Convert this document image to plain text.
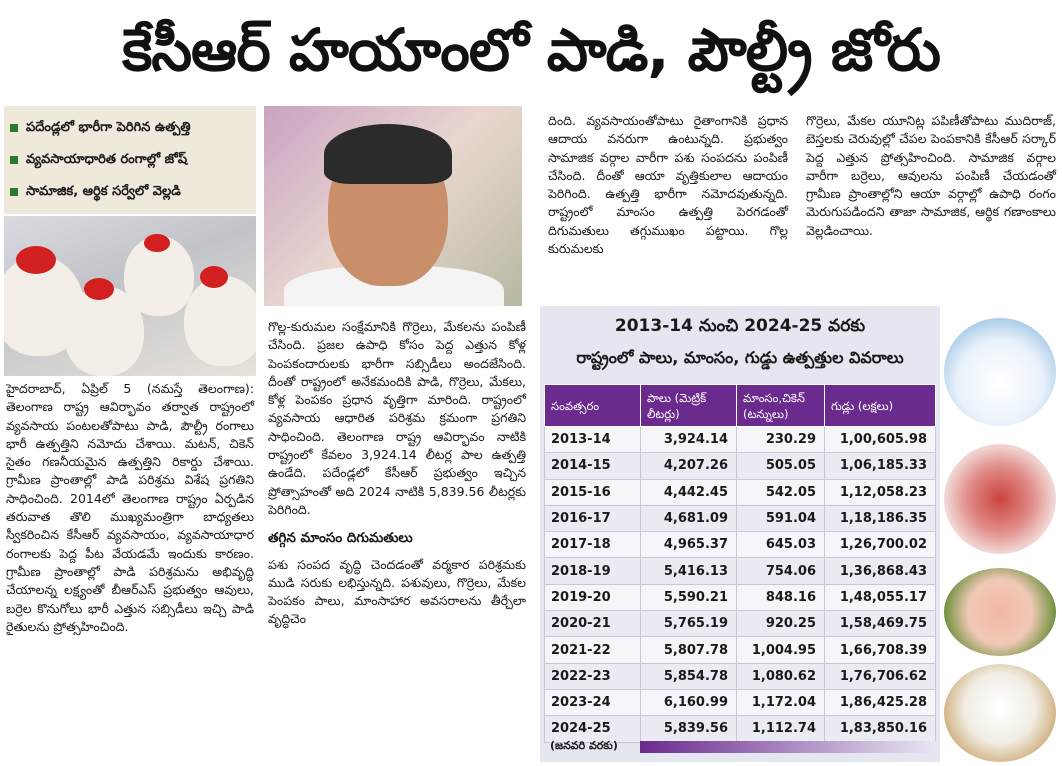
కేసీఆర్ హయాంలో పాడి, పౌల్ట్రీ జోరు
పదేండ్లలో భారీగా పెరిగిన ఉత్పత్తి
వ్యవసాయాధారిత రంగాల్లో జోష్
సామాజిక, ఆర్థిక సర్వేలో వెల్లడి
హైదరాబాద్, ఏప్రిల్ 5 (నమస్తే తెలంగాణ): తెలంగాణ రాష్ట్ర ఆవిర్భావం తర్వాత రాష్ట్రంలో వ్యవసాయ పంటలతోపాటు పాడి, పౌల్ట్రీ రంగాలు భారీ ఉత్పత్తిని నమోదు చేశాయి. మటన్, చికెన్ సైతం గణనీయమైన ఉత్పత్తిని రికార్డు చేశాయి. గ్రామీణ ప్రాంతాల్లో పాడి పరిశ్రమ విశేష ప్రగతిని సాధించింది. 2014లో తెలంగాణ రాష్ట్రం ఏర్పడిన తరువాత తొలి ముఖ్యమంత్రిగా బాధ్యతలు స్వీకరించిన కేసీఆర్ వ్యవసాయం, వ్యవసాయాధార రంగాలకు పెద్ద పీట వేయడమే ఇందుకు కారణం. గ్రామీణ ప్రాంతాల్లో పాడి పరిశ్రమను అభివృద్ధి చేయాలన్న లక్ష్యంతో బీఆర్ఎస్ ప్రభుత్వం ఆవులు, బర్రెల కొనుగోలు భారీ ఎత్తున సబ్సిడీలు ఇచ్చి పాడి రైతులను ప్రోత్సహించింది.
గొల్ల-కురుమల సంక్షేమానికి గొర్రెలు, మేకలను పంపిణీ చేసింది. ప్రజల ఉపాధి కోసం పెద్ద ఎత్తున కోళ్ల పెంపకందారులకు భారీగా సబ్సిడీలు అందజేసింది. దీంతో రాష్ట్రంలో అనేకమందికి పాడి, గొర్రెలు, మేకలు, కోళ్ల పెంపకం ప్రధాన వృత్తిగా మారింది. రాష్ట్రంలో వ్యవసాయ ఆధారిత పరిశ్రమ క్రమంగా ప్రగతిని సాధించింది. తెలంగాణ రాష్ట్ర ఆవిర్భావం నాటికి రాష్ట్రంలో కేవలం 3,924.14 లీటర్ల పాల ఉత్పత్తి ఉండేది. పదేండ్లలో కేసీఆర్ ప్రభుత్వం ఇచ్చిన ప్రోత్సాహంతో అది 2024 నాటికి 5,839.56 లీటర్లకు పెరిగింది.
తగ్గిన మాంసం దిగుమతులు
పశు సంపద వృద్ధి చెందడంతో వర్మకార పరిశ్రమకు ముడి సరుకు లభిస్తున్నది. పశువులు, గొర్రెలు, మేకల పెంపకం పాలు, మాంసాహార అవసరాలను తీర్చేలా వృద్ధిచెం
దింది. వ్యవసాయంతోపాటు రైతాంగానికి ప్రధాన ఆదాయ వనరుగా ఉంటున్నది. ప్రభుత్వం సామాజిక వర్గాల వారీగా పశు సంపదను పంపిణీ చేసింది. దీంతో ఆయా వృత్తికులాల ఆదాయం పెరిగింది. ఉత్పత్తి భారీగా నమోదవుతున్నది. రాష్ట్రంలో మాంసం ఉత్పత్తి పెరగడంతో దిగుమతులు తగ్గుముఖం పట్టాయి. గొల్ల కురుమలకు
గొర్రెలు, మేకల యూనిట్ల పపిణీతోపాటు ముదిరాజ్, బెస్తలకు చెరువుల్లో చేపల పెంపకానికి కేసీఆర్ సర్కార్ పెద్ద ఎత్తున ప్రోత్సహించింది. సామాజిక వర్గాల వారీగా బర్రెలు, ఆవులను పంపిణీ చేయడంతో గ్రామీణ ప్రాంతాల్లోని ఆయా వర్గాల్లో ఉపాధి రంగం మెరుగుపడిందని తాజా సామాజిక, ఆర్థిక గణాంకాలు వెల్లడించాయి.
2013-14 నుంచి 2024-25 వరకు
రాష్ట్రంలో పాలు, మాంసం, గుడ్డు ఉత్పత్తుల వివరాలు
సంవత్సరం	పాలు (మెట్రిక్ లీటర్లు)	మాంసం,చికెన్ (టన్నులు)	గుడ్లు (లక్షలు)
2013-14	3,924.14	230.29	1,00,605.98
2014-15	4,207.26	505.05	1,06,185.33
2015-16	4,442.45	542.05	1,12,058.23
2016-17	4,681.09	591.04	1,18,186.35
2017-18	4,965.37	645.03	1,26,700.02
2018-19	5,416.13	754.06	1,36,868.43
2019-20	5,590.21	848.16	1,48,055.17
2020-21	5,765.19	920.25	1,58,469.75
2021-22	5,807.78	1,004.95	1,66,708.39
2022-23	5,854.78	1,080.62	1,76,706.62
2023-24	6,160.99	1,172.04	1,86,425.28
2024-25	5,839.56	1,112.74	1,83,850.16
(జనవరి వరకు)
